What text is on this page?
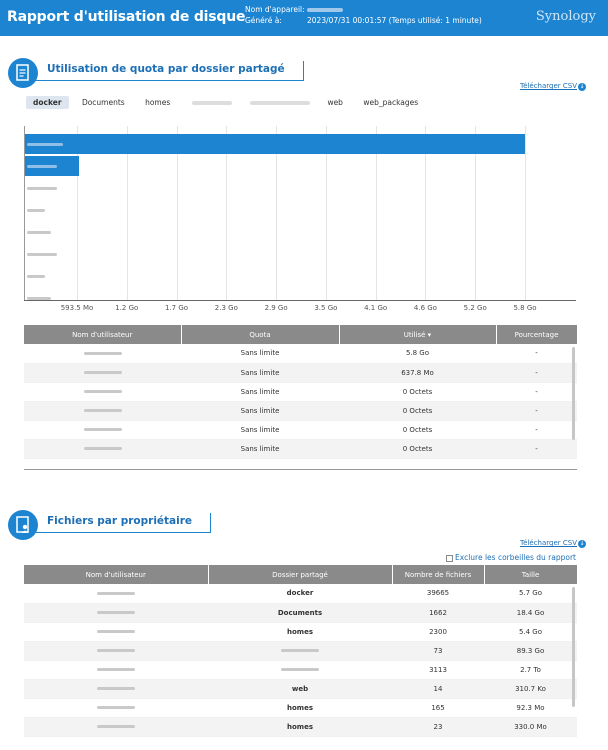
Rapport d'utilisation de disque Nom d'appareil:
Généré à:	2023/07/31 00:01:57 (Temps utilisé: 1 minute)	Synology
Utilisation de quota par dossier partagé
Télécharger CSV ↓
docker	Documents	homes	web	web_packages
593.5 Mo	1.2 Go	1.7 Go	2.3 Go	2.9 Go	3.5 Go	4.1 Go	4.6 Go	5.2 Go	5.8 Go
Nom d'utilisateur	Quota	Utilisé ▾	Pourcentage
	Sans limite	5.8 Go	-
	Sans limite	637.8 Mo	-
	Sans limite	0 Octets	-
	Sans limite	0 Octets	-
	Sans limite	0 Octets	-
	Sans limite	0 Octets	-
Fichiers par propriétaire
Télécharger CSV ↓
Exclure les corbeilles du rapport
Nom d'utilisateur	Dossier partagé	Nombre de fichiers	Taille
	docker	39665	5.7 Go
	Documents	1662	18.4 Go
	homes	2300	5.4 Go
		73	89.3 Go
		3113	2.7 To
	web	14	310.7 Ko
	homes	165	92.3 Mo
	homes	23	330.0 Mo
